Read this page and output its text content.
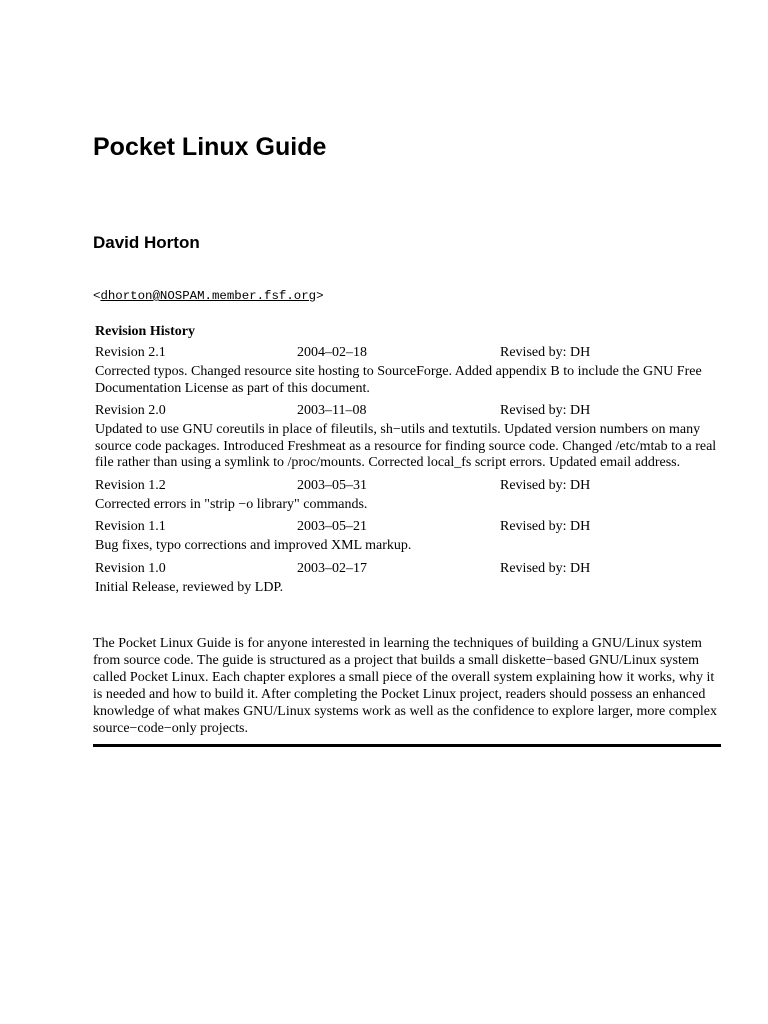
Pocket Linux Guide
David Horton
<dhorton@NOSPAM.member.fsf.org>
Revision History
Revision 2.1	2004–02–18	Revised by: DH

Corrected typos. Changed resource site hosting to SourceForge. Added appendix B to include the GNU Free Documentation License as part of this document.

Revision 2.0	2003–11–08	Revised by: DH

Updated to use GNU coreutils in place of fileutils, sh−utils and textutils. Updated version numbers on many source code packages. Introduced Freshmeat as a resource for finding source code. Changed /etc/mtab to a real file rather than using a symlink to /proc/mounts. Corrected local_fs script errors. Updated email address.

Revision 1.2	2003–05–31	Revised by: DH

Corrected errors in "strip −o library" commands.

Revision 1.1	2003–05–21	Revised by: DH

Bug fixes, typo corrections and improved XML markup.

Revision 1.0	2003–02–17	Revised by: DH

Initial Release, reviewed by LDP.

The Pocket Linux Guide is for anyone interested in learning the techniques of building a GNU/Linux system from source code. The guide is structured as a project that builds a small diskette−based GNU/Linux system called Pocket Linux. Each chapter explores a small piece of the overall system explaining how it works, why it is needed and how to build it. After completing the Pocket Linux project, readers should possess an enhanced knowledge of what makes GNU/Linux systems work as well as the confidence to explore larger, more complex source−code−only projects.
